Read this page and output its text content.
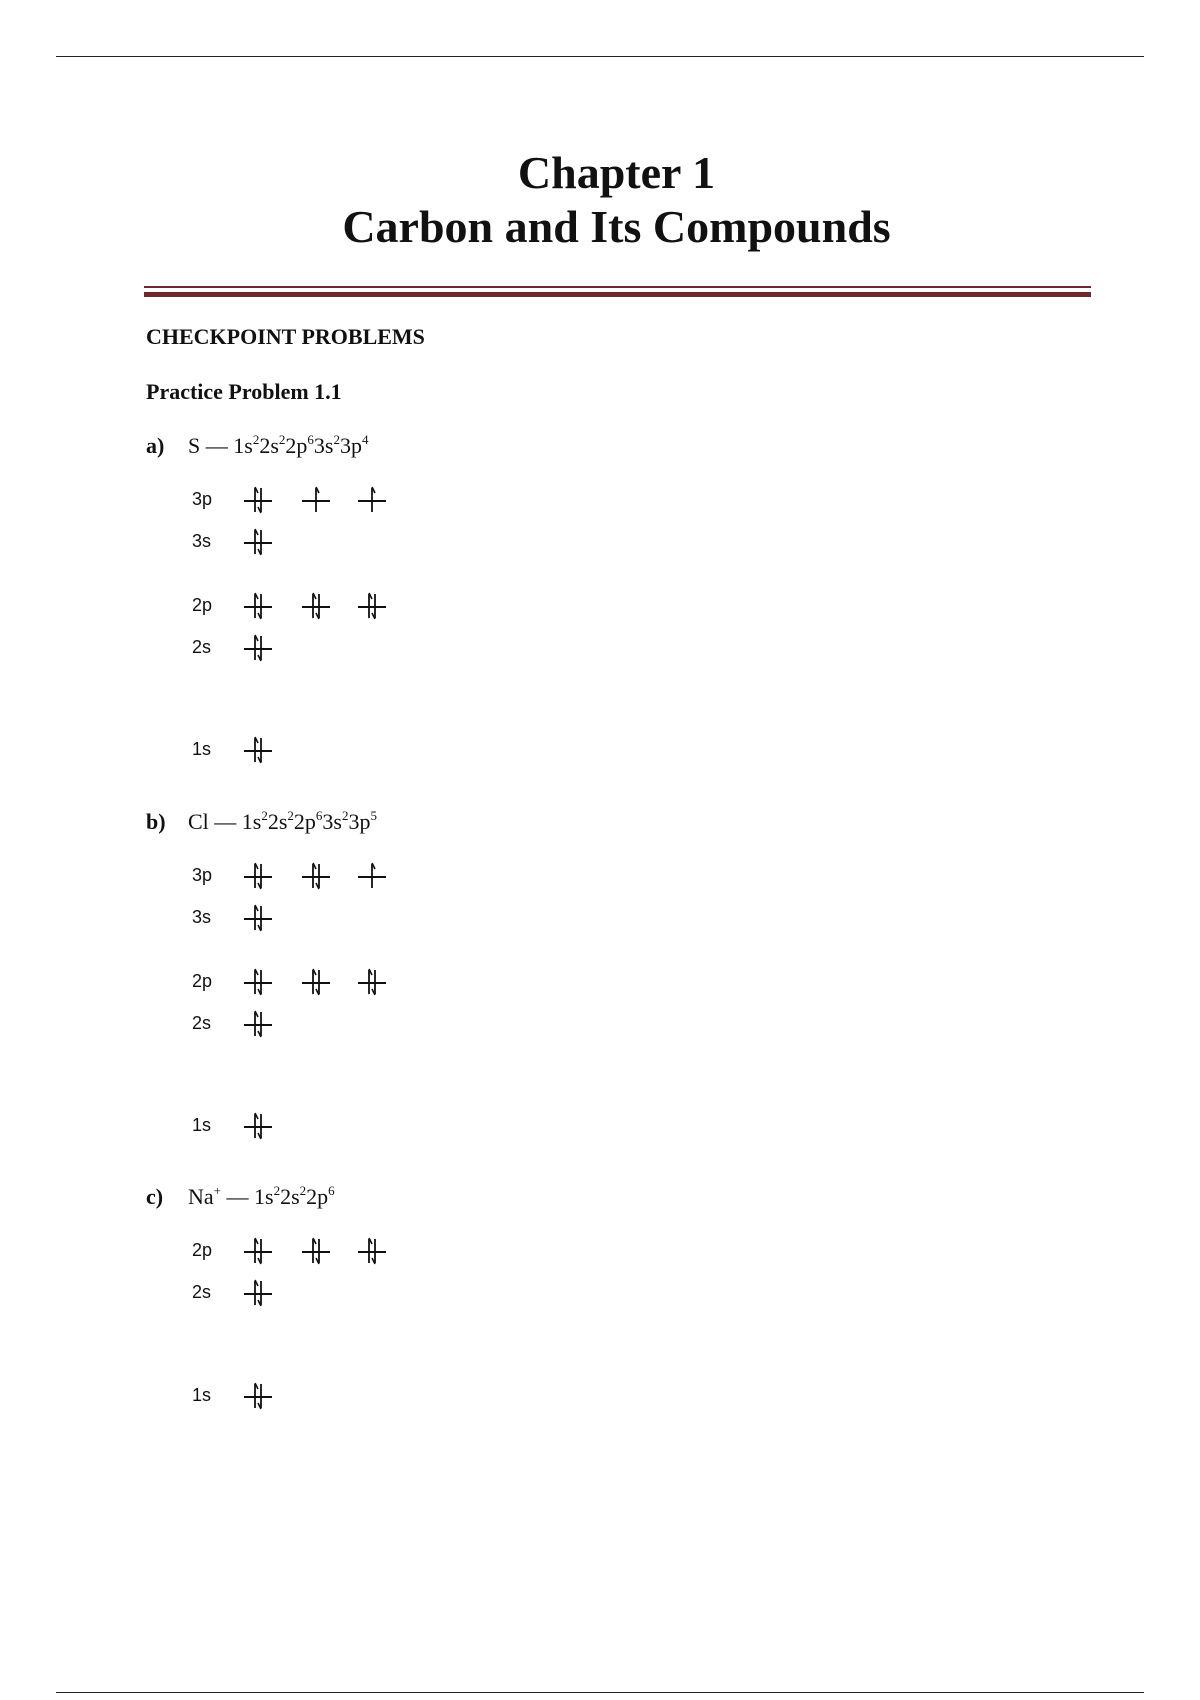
Chapter 1
Carbon and Its Compounds
CHECKPOINT PROBLEMS
Practice Problem 1.1
a) S — $1s^22s^22p^63s^23p^4$
3p
3s
2p
2s
1s
b) Cl — $1s^22s^22p^63s^23p^5$
3p
3s
2p
2s
1s
c) Na+ — $1s^22s^22p^6$
2p
2s
1s
